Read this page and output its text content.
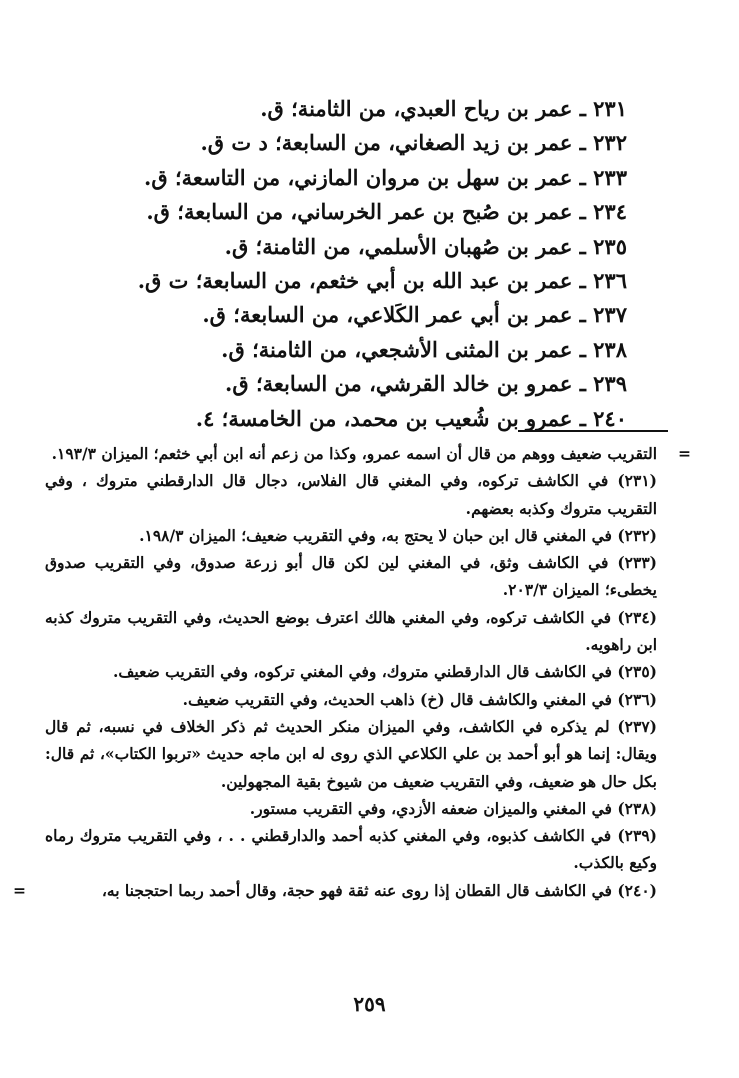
٢٣١ ـ عمر بن رياح العبدي، من الثامنة؛ ق.
٢٣٢ ـ عمر بن زيد الصغاني، من السابعة؛ د ت ق.
٢٣٣ ـ عمر بن سهل بن مروان المازني، من التاسعة؛ ق.
٢٣٤ ـ عمر بن صُبح بن عمر الخرساني، من السابعة؛ ق.
٢٣٥ ـ عمر بن صُهبان الأسلمي، من الثامنة؛ ق.
٢٣٦ ـ عمر بن عبد الله بن أبي خثعم، من السابعة؛ ت ق.
٢٣٧ ـ عمر بن أبي عمر الكَلاعي، من السابعة؛ ق.
٢٣٨ ـ عمر بن المثنى الأشجعي، من الثامنة؛ ق.
٢٣٩ ـ عمرو بن خالد القرشي، من السابعة؛ ق.
٢٤٠ ـ عمرو بن شُعيب بن محمد، من الخامسة؛ ٤.
=
التقريب ضعيف ووهم من قال أن اسمه عمرو، وكذا من زعم أنه ابن أبي خثعم؛ الميزان ١٩٣/٣.
(٢٣١) في الكاشف تركوه، وفي المغني قال الفلاس، دجال قال الدارقطني متروك ، وفي التقريب متروك وكذبه بعضهم.
(٢٣٢) في المغني قال ابن حبان لا يحتج به، وفي التقريب ضعيف؛ الميزان ١٩٨/٣.
(٢٣٣) في الكاشف وثق، في المغني لين لكن قال أبو زرعة صدوق، وفي التقريب صدوق يخطىء؛ الميزان ٢٠٣/٣.
(٢٣٤) في الكاشف تركوه، وفي المغني هالك اعترف بوضع الحديث، وفي التقريب متروك كذبه ابن راهويه.
(٢٣٥) في الكاشف قال الدارقطني متروك، وفي المغني تركوه، وفي التقريب ضعيف.
(٢٣٦) في المغني والكاشف قال (خ) ذاهب الحديث، وفي التقريب ضعيف.
(٢٣٧) لم يذكره في الكاشف، وفي الميزان منكر الحديث ثم ذكر الخلاف في نسبه، ثم قال ويقال: إنما هو أبو أحمد بن علي الكلاعي الذي روى له ابن ماجه حديث «تربوا الكتاب»، ثم قال: بكل حال هو ضعيف، وفي التقريب ضعيف من شيوخ بقية المجهولين.
(٢٣٨) في المغني والميزان ضعفه الأزدي، وفي التقريب مستور.
(٢٣٩) في الكاشف كذبوه، وفي المغني كذبه أحمد والدارقطني . . ، وفي التقريب متروك رماه وكيع بالكذب.
(٢٤٠) في الكاشف قال القطان إذا روى عنه ثقة فهو حجة، وقال أحمد ربما احتججنا به،
=
٢٥٩
